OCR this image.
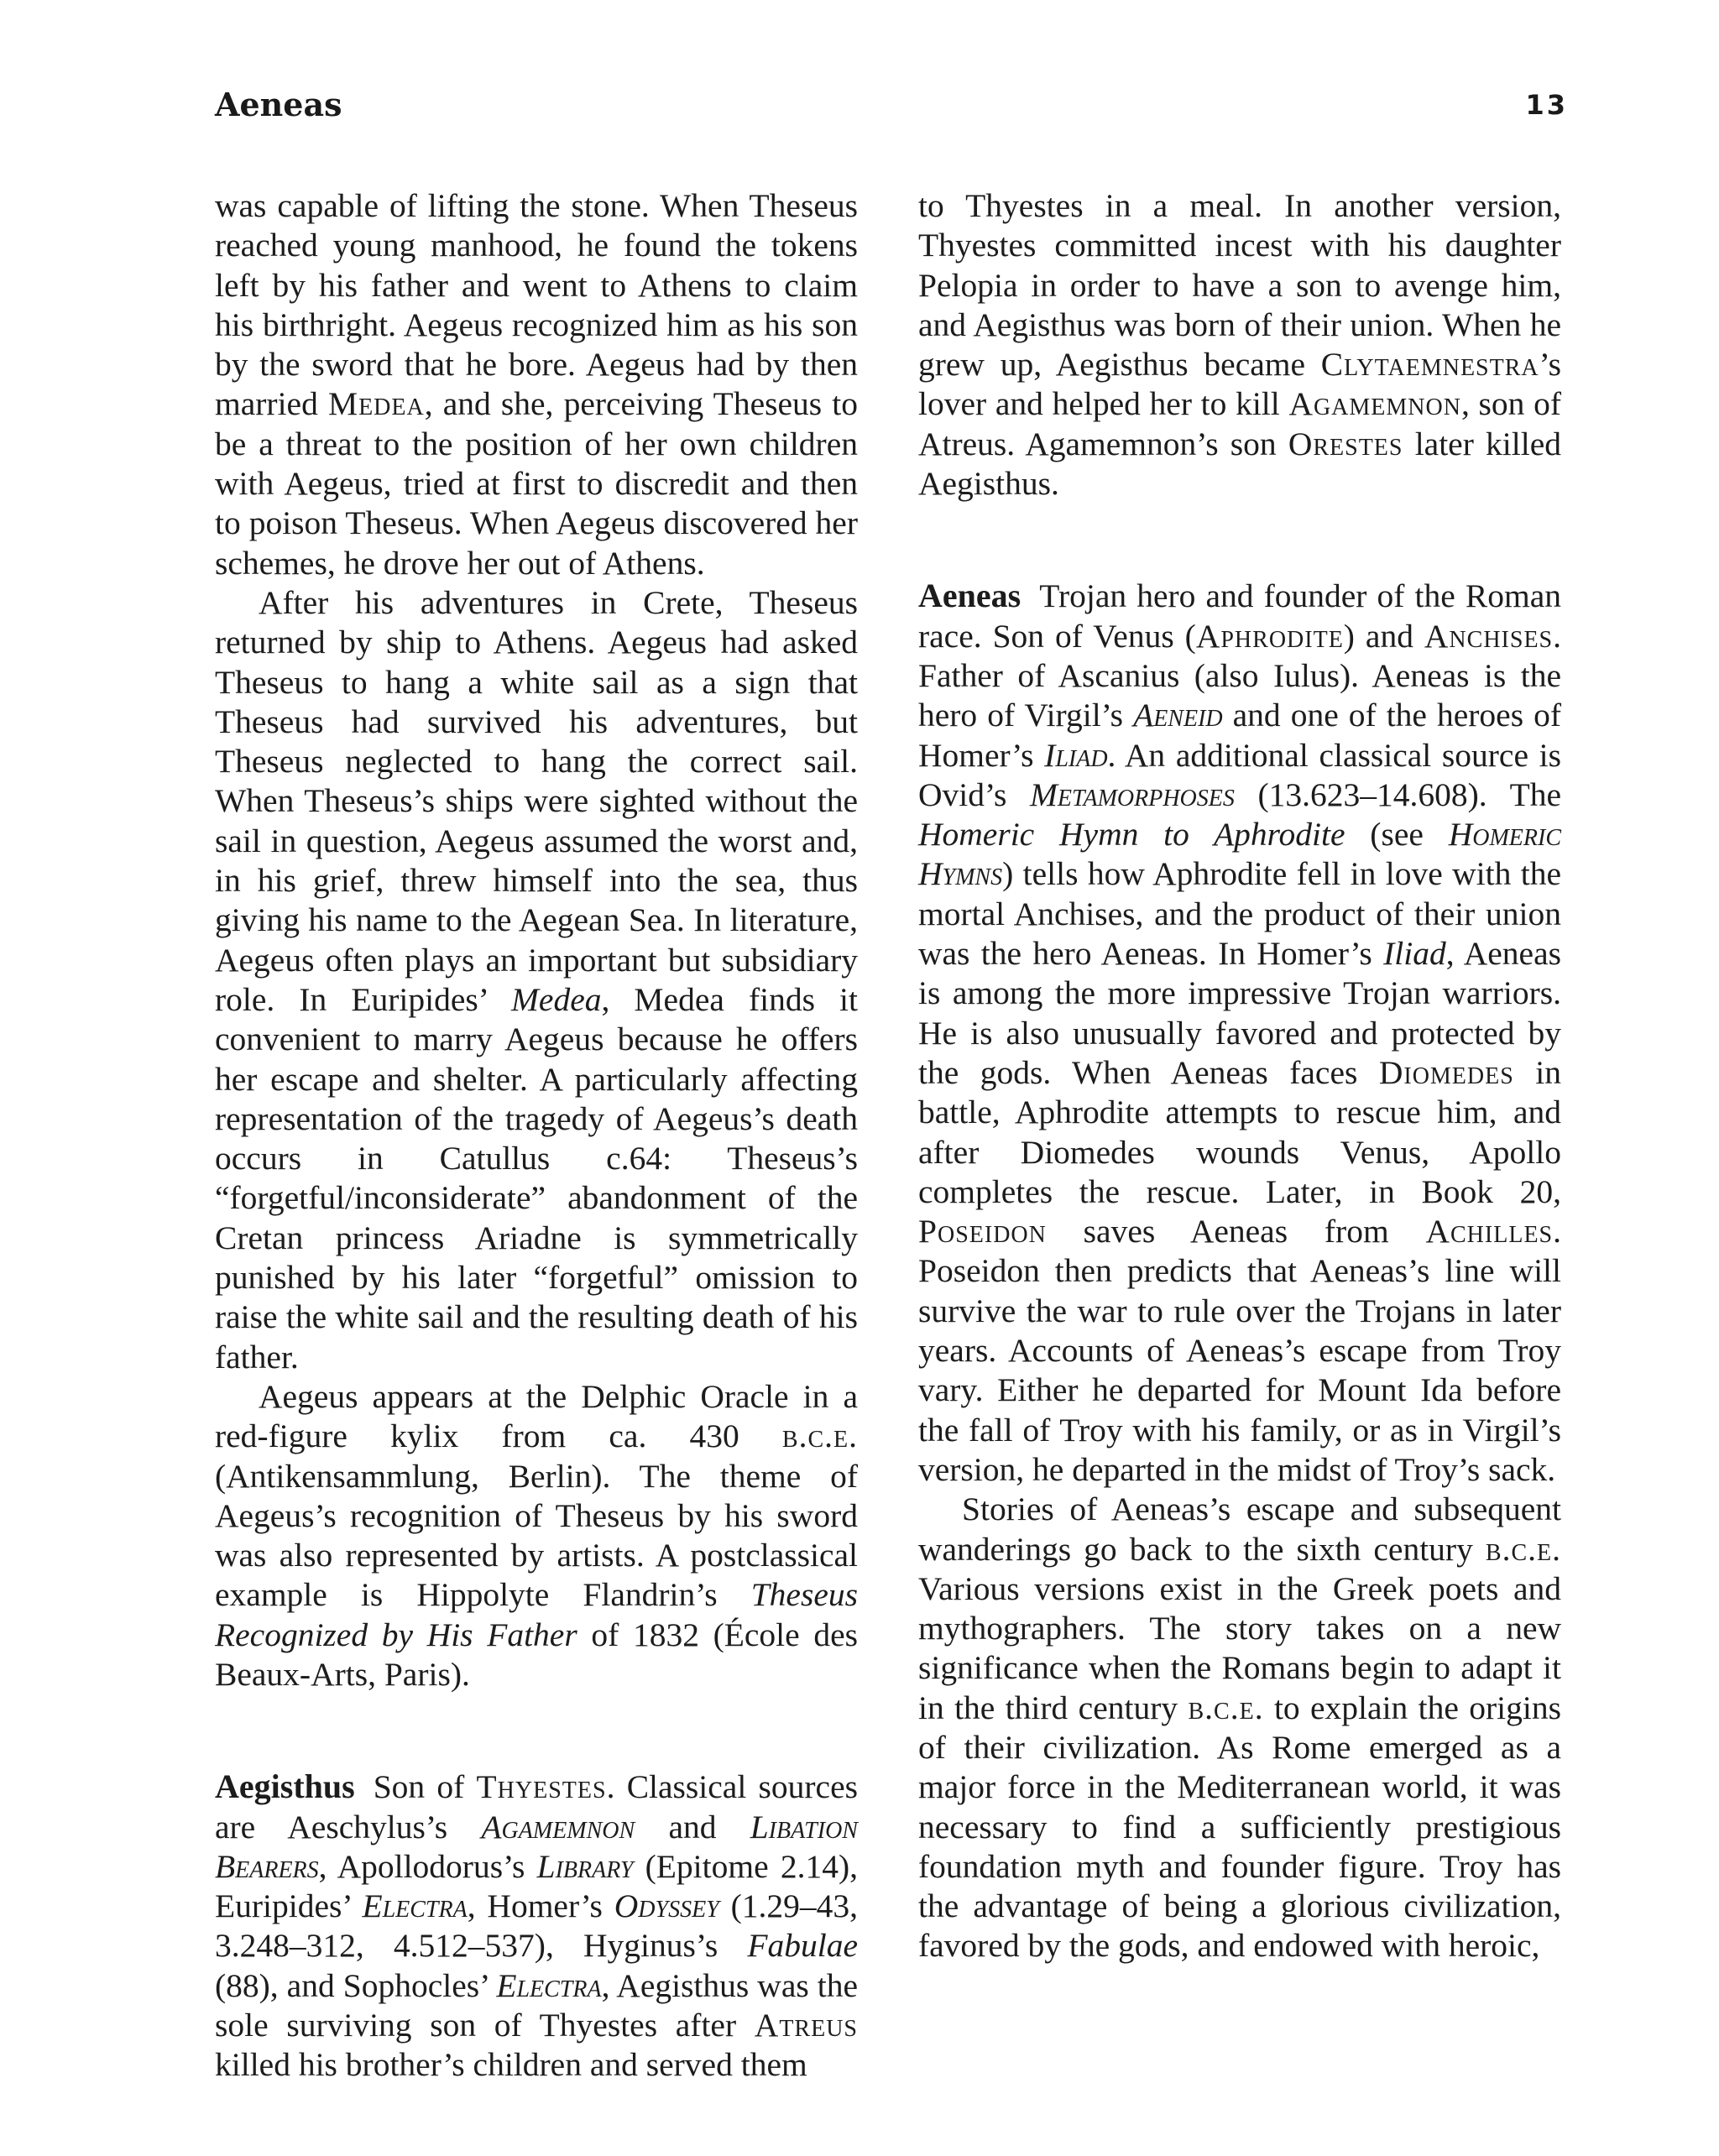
Aeneas	13

was capable of lifting the stone. When Theseus reached young manhood, he found the tokens left by his father and went to Athens to claim his birthright. Aegeus recognized him as his son by the sword that he bore. Aegeus had by then married Medea, and she, perceiving Theseus to be a threat to the position of her own children with Aegeus, tried at first to discredit and then to poison Theseus. When Aegeus discovered her schemes, he drove her out of Athens.

After his adventures in Crete, Theseus returned by ship to Athens. Aegeus had asked Theseus to hang a white sail as a sign that Theseus had survived his adventures, but Theseus neglected to hang the correct sail. When Theseus’s ships were sighted without the sail in question, Aegeus assumed the worst and, in his grief, threw himself into the sea, thus giving his name to the Aegean Sea. In literature, Aegeus often plays an important but subsidiary role. In Euripides’ Medea, Medea finds it convenient to marry Aegeus because he offers her escape and shelter. A particularly affecting representation of the tragedy of Aegeus’s death occurs in Catullus c.64: Theseus’s “forgetful/inconsiderate” abandonment of the Cretan princess Ariadne is symmetrically punished by his later “forgetful” omission to raise the white sail and the resulting death of his father.

Aegeus appears at the Delphic Oracle in a red-figure kylix from ca. 430 b.c.e. (Antikensammlung, Berlin). The theme of Aegeus’s recognition of Theseus by his sword was also represented by artists. A postclassical example is Hippolyte Flandrin’s Theseus Recognized by His Father of 1832 (École des Beaux-Arts, Paris).

Aegisthus Son of Thyestes. Classical sources are Aeschylus’s Agamemnon and Libation Bearers, Apollodorus’s Library (Epitome 2.14), Euripides’ Electra, Homer’s Odyssey (1.29–43, 3.248–312, 4.512–537), Hyginus’s Fabulae (88), and Sophocles’ Electra, Aegisthus was the sole surviving son of Thyestes after Atreus killed his brother’s children and served them

to Thyestes in a meal. In another version, Thyestes committed incest with his daughter Pelopia in order to have a son to avenge him, and Aegisthus was born of their union. When he grew up, Aegisthus became Clytaemnestra’s lover and helped her to kill Agamemnon, son of Atreus. Agamemnon’s son Orestes later killed Aegisthus.

Aeneas Trojan hero and founder of the Roman race. Son of Venus (Aphrodite) and Anchises. Father of Ascanius (also Iulus). Aeneas is the hero of Virgil’s Aeneid and one of the heroes of Homer’s Iliad. An additional classical source is Ovid’s Metamorphoses (13.623–14.608). The Homeric Hymn to Aphrodite (see Homeric Hymns) tells how Aphrodite fell in love with the mortal Anchises, and the product of their union was the hero Aeneas. In Homer’s Iliad, Aeneas is among the more impressive Trojan warriors. He is also unusually favored and protected by the gods. When Aeneas faces Diomedes in battle, Aphrodite attempts to rescue him, and after Diomedes wounds Venus, Apollo completes the rescue. Later, in Book 20, Poseidon saves Aeneas from Achilles. Poseidon then predicts that Aeneas’s line will survive the war to rule over the Trojans in later years. Accounts of Aeneas’s escape from Troy vary. Either he departed for Mount Ida before the fall of Troy with his family, or as in Virgil’s version, he departed in the midst of Troy’s sack.

Stories of Aeneas’s escape and subsequent wanderings go back to the sixth century b.c.e. Various versions exist in the Greek poets and mythographers. The story takes on a new significance when the Romans begin to adapt it in the third century b.c.e. to explain the origins of their civilization. As Rome emerged as a major force in the Mediterranean world, it was necessary to find a sufficiently prestigious foundation myth and founder figure. Troy has the advantage of being a glorious civilization, favored by the gods, and endowed with heroic,
